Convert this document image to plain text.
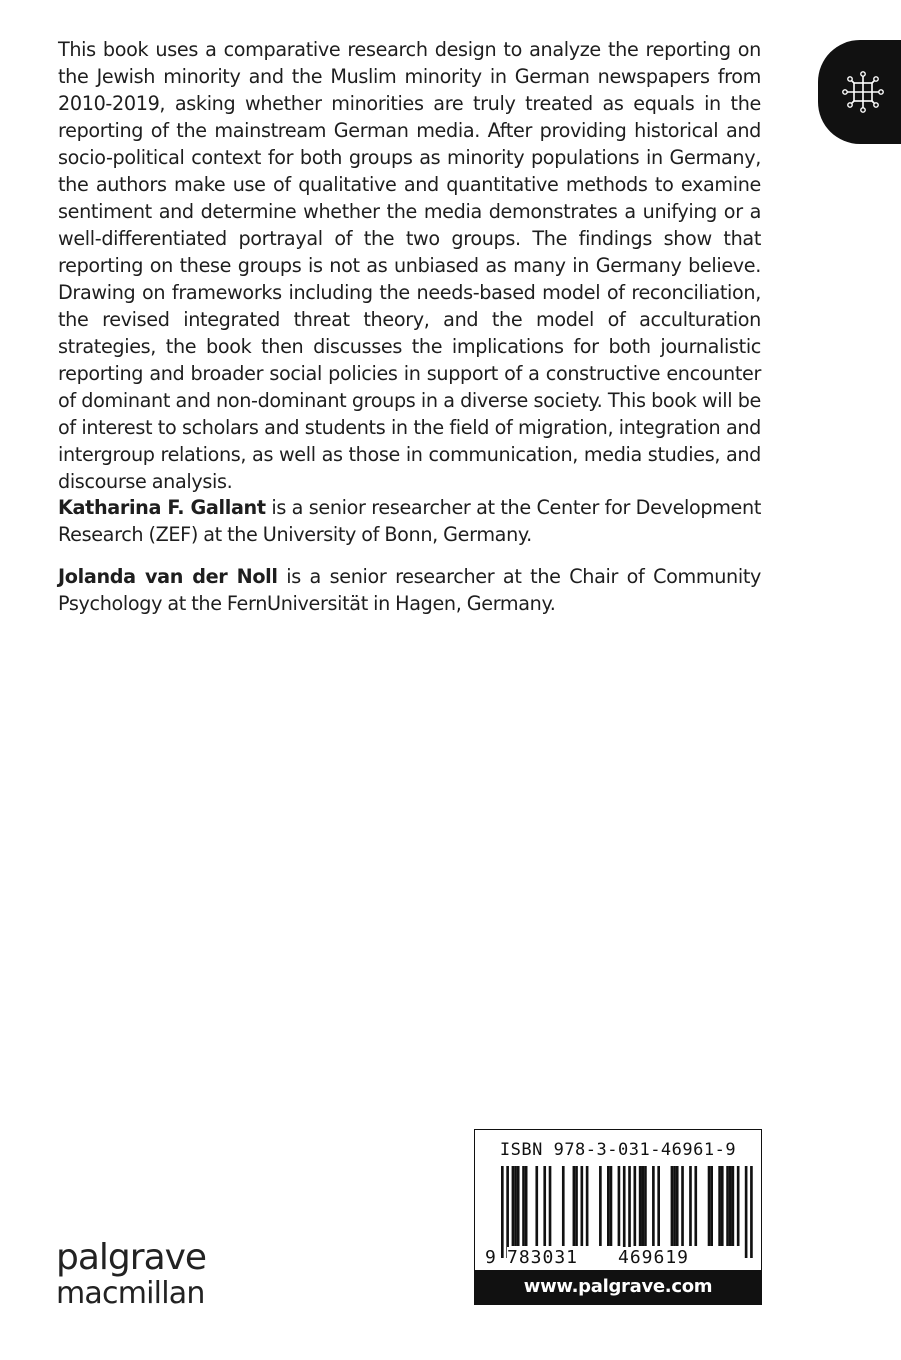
This book uses a comparative research design to analyze the reporting on the Jewish minority and the Muslim minority in German newspapers from 2010-2019, asking whether minorities are truly treated as equals in the reporting of the mainstream German media. After providing historical and socio-political context for both groups as minority populations in Germany, the authors make use of qualitative and quantitative methods to examine sentiment and determine whether the media demonstrates a unifying or a well-differentiated portrayal of the two groups. The findings show that reporting on these groups is not as unbiased as many in Germany believe. Drawing on frameworks including the needs-based model of reconciliation, the revised integrated threat theory, and the model of acculturation strategies, the book then discusses the implications for both journalistic reporting and broader social policies in support of a constructive encounter of dominant and non-dominant groups in a diverse society. This book will be of interest to scholars and students in the field of migration, integration and intergroup relations, as well as those in communication, media studies, and discourse analysis.

Katharina F. Gallant is a senior researcher at the Center for Development Research (ZEF) at the University of Bonn, Germany.

Jolanda van der Noll is a senior researcher at the Chair of Community Psychology at the FernUniversität in Hagen, Germany.

palgrave
macmillan
ISBN 978-3-031-46961-9
9 783031 469619
www.palgrave.com
